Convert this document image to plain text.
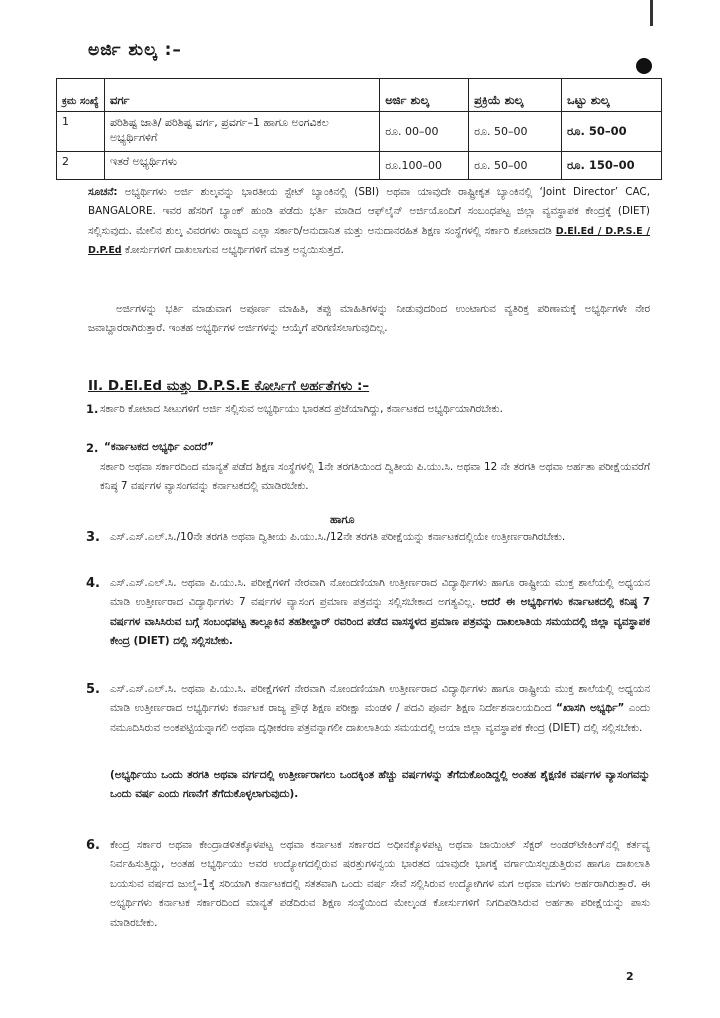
ಅರ್ಜಿ ಶುಲ್ಕ :–
ಕ್ರಮ ಸಂಖ್ಯೆ	ವರ್ಗ	ಅರ್ಜಿ ಶುಲ್ಕ	ಪ್ರಕ್ರಿಯೆ ಶುಲ್ಕ	ಒಟ್ಟು ಶುಲ್ಕ
1	ಪರಿಶಿಷ್ಟ ಜಾತಿ/ ಪರಿಶಿಷ್ಟ ವರ್ಗ, ಪ್ರವರ್ಗ–1 ಹಾಗೂ ಅಂಗವಿಕಲ ಅಭ್ಯರ್ಥಿಗಳಿಗೆ	ರೂ. 00–00	ರೂ. 50–00	ರೂ. 50–00
2	ಇತರೆ ಅಭ್ಯರ್ಥಿಗಳು	ರೂ.100–00	ರೂ. 50–00	ರೂ. 150–00
ಸೂಚನೆ: ಅಭ್ಯರ್ಥಿಗಳು ಅರ್ಜಿ ಶುಲ್ಕವನ್ನು ಭಾರತೀಯ ಸ್ಟೇಟ್ ಬ್ಯಾಂಕಿನಲ್ಲಿ (SBI) ಅಥವಾ ಯಾವುದೇ ರಾಷ್ಟ್ರೀಕೃತ ಬ್ಯಾಂಕಿನಲ್ಲಿ ‘Joint Director’ CAC, BANGALORE. ಇವರ ಹೆಸರಿಗೆ ಬ್ಯಾಂಕ್ ಹುಂಡಿ ಪಡೆದು ಭರ್ತಿ ಮಾಡಿದ ಆಫ್‌ಲೈನ್ ಅರ್ಜಿಯೊಂದಿಗೆ ಸಂಬಂಧಪಟ್ಟ ಜಿಲ್ಲಾ ವ್ಯವಸ್ಥಾಪಕ ಕೇಂದ್ರಕ್ಕೆ (DIET) ಸಲ್ಲಿಸುವುದು. ಮೇಲಿನ ಶುಲ್ಕ ವಿವರಗಳು ರಾಜ್ಯದ ಎಲ್ಲಾ ಸರ್ಕಾರಿ/ಅನುದಾನಿತ ಮತ್ತು ಅನುದಾನರಹಿತ ಶಿಕ್ಷಣ ಸಂಸ್ಥೆಗಳಲ್ಲಿ ಸರ್ಕಾರಿ ಕೋಟಾದಡಿ D.El.Ed / D.P.S.E / D.P.Ed ಕೋರ್ಸುಗಳಿಗೆ ದಾಖಲಾಗುವ ಅಭ್ಯರ್ಥಿಗಳಿಗೆ ಮಾತ್ರ ಅನ್ವಯಿಸುತ್ತದೆ.
ಅರ್ಜಿಗಳನ್ನು ಭರ್ತಿ ಮಾಡುವಾಗ ಅಪೂರ್ಣ ಮಾಹಿತಿ, ತಪ್ಪು ಮಾಹಿತಿಗಳನ್ನು ನೀಡುವುದರಿಂದ ಉಂಟಾಗುವ ವ್ಯತಿರಿಕ್ತ ಪರಿಣಾಮಕ್ಕೆ ಅಭ್ಯರ್ಥಿಗಳೇ ನೇರ ಜವಾಬ್ದಾರರಾಗಿರುತ್ತಾರೆ. ಇಂತಹ ಅಭ್ಯರ್ಥಿಗಳ ಅರ್ಜಿಗಳನ್ನು ಆಯ್ಕೆಗೆ ಪರಿಗಣಿಸಲಾಗುವುದಿಲ್ಲ.
II. D.El.Ed ಮತ್ತು D.P.S.E ಕೋರ್ಸಿಗೆ ಅರ್ಹತೆಗಳು :–
1. ಸರ್ಕಾರಿ ಕೋಟಾದ ಸೀಟುಗಳಿಗೆ ಅರ್ಜಿ ಸಲ್ಲಿಸುವ ಅಭ್ಯರ್ಥಿಯು ಭಾರತದ ಪ್ರಜೆಯಾಗಿದ್ದು, ಕರ್ನಾಟಕದ ಅಭ್ಯರ್ಥಿಯಾಗಿರಬೇಕು.
2. “ಕರ್ನಾಟಕದ ಅಭ್ಯರ್ಥಿ ಎಂದರೆ”
ಸರ್ಕಾರಿ ಅಥವಾ ಸರ್ಕಾರದಿಂದ ಮಾನ್ಯತೆ ಪಡೆದ ಶಿಕ್ಷಣ ಸಂಸ್ಥೆಗಳಲ್ಲಿ 1ನೇ ತರಗತಿಯಿಂದ ದ್ವಿತೀಯ ಪಿ.ಯು.ಸಿ. ಅಥವಾ 12 ನೇ ತರಗತಿ ಅಥವಾ ಅರ್ಹತಾ ಪರೀಕ್ಷೆಯವರೆಗೆ ಕನಿಷ್ಠ 7 ವರ್ಷಗಳ ವ್ಯಾಸಂಗವನ್ನು ಕರ್ನಾಟಕದಲ್ಲಿ ಮಾಡಿರಬೇಕು.
ಹಾಗೂ
3. ಎಸ್.ಎಸ್.ಎಲ್.ಸಿ./10ನೇ ತರಗತಿ ಅಥವಾ ದ್ವಿತೀಯ ಪಿ.ಯು.ಸಿ./12ನೇ ತರಗತಿ ಪರೀಕ್ಷೆಯನ್ನು ಕರ್ನಾಟಕದಲ್ಲಿಯೇ ಉತ್ತೀರ್ಣರಾಗಿರಬೇಕು.
4. ಎಸ್.ಎಸ್.ಎಲ್.ಸಿ. ಅಥವಾ ಪಿ.ಯು.ಸಿ. ಪರೀಕ್ಷೆಗಳಿಗೆ ನೇರವಾಗಿ ನೋಂದಣಿಯಾಗಿ ಉತ್ತೀರ್ಣರಾದ ವಿದ್ಯಾರ್ಥಿಗಳು ಹಾಗೂ ರಾಷ್ಟ್ರೀಯ ಮುಕ್ತ ಶಾಲೆಯಲ್ಲಿ ಅಧ್ಯಯನ ಮಾಡಿ ಉತ್ತೀರ್ಣರಾದ ವಿದ್ಯಾರ್ಥಿಗಳು 7 ವರ್ಷಗಳ ವ್ಯಾಸಂಗ ಪ್ರಮಾಣ ಪತ್ರವನ್ನು ಸಲ್ಲಿಸಬೇಕಾದ ಅಗತ್ಯವಿಲ್ಲ. ಆದರೆ ಈ ಅಭ್ಯರ್ಥಿಗಳು ಕರ್ನಾಟಕದಲ್ಲಿ ಕನಿಷ್ಠ 7 ವರ್ಷಗಳ ವಾಸಿಸಿರುವ ಬಗ್ಗೆ ಸಂಬಂಧಪಟ್ಟ ತಾಲ್ಲೂಕಿನ ತಹಶೀಲ್ದಾರ್ ರವರಿಂದ ಪಡೆದ ವಾಸಸ್ಥಳದ ಪ್ರಮಾಣ ಪತ್ರವನ್ನು ದಾಖಲಾತಿಯ ಸಮಯದಲ್ಲಿ ಜಿಲ್ಲಾ ವ್ಯವಸ್ಥಾಪಕ ಕೇಂದ್ರ (DIET) ದಲ್ಲಿ ಸಲ್ಲಿಸಬೇಕು.
5. ಎಸ್.ಎಸ್.ಎಲ್.ಸಿ. ಅಥವಾ ಪಿ.ಯು.ಸಿ. ಪರೀಕ್ಷೆಗಳಿಗೆ ನೇರವಾಗಿ ನೋಂದಣಿಯಾಗಿ ಉತ್ತೀರ್ಣರಾದ ವಿದ್ಯಾರ್ಥಿಗಳು ಹಾಗೂ ರಾಷ್ಟ್ರೀಯ ಮುಕ್ತ ಶಾಲೆಯಲ್ಲಿ ಅಧ್ಯಯನ ಮಾಡಿ ಉತ್ತೀರ್ಣರಾದ ಅಭ್ಯರ್ಥಿಗಳು ಕರ್ನಾಟಕ ರಾಜ್ಯ ಪ್ರೌಢ ಶಿಕ್ಷಣ ಪರೀಕ್ಷಾ ಮಂಡಳಿ / ಪದವಿ ಪೂರ್ವ ಶಿಕ್ಷಣ ನಿರ್ದೇಶನಾಲಯದಿಂದ “ಖಾಸಗಿ ಅಭ್ಯರ್ಥಿ” ಎಂದು ನಮೂದಿಸಿರುವ ಅಂಕಪಟ್ಟಿಯನ್ನಾಗಲಿ ಅಥವಾ ದೃಢೀಕರಣ ಪತ್ರವನ್ನಾಗಲೀ ದಾಖಲಾತಿಯ ಸಮಯದಲ್ಲಿ ಅಯಾ ಜಿಲ್ಲಾ ವ್ಯವಸ್ಥಾಪಕ ಕೇಂದ್ರ (DIET) ದಲ್ಲಿ ಸಲ್ಲಿಸಬೇಕು.
(ಅಭ್ಯರ್ಥಿಯು ಒಂದು ತರಗತಿ ಅಥವಾ ವರ್ಗದಲ್ಲಿ ಉತ್ತೀರ್ಣರಾಗಲು ಒಂದಕ್ಕಿಂತ ಹೆಚ್ಚು ವರ್ಷಗಳನ್ನು ತೆಗೆದುಕೊಂಡಿದ್ದಲ್ಲಿ ಅಂತಹ ಶೈಕ್ಷಣಿಕ ವರ್ಷಗಳ ವ್ಯಾಸಂಗವನ್ನು ಒಂದು ವರ್ಷ ಎಂದು ಗಣನೆಗೆ ತೆಗೆದುಕೊಳ್ಳಲಾಗುವುದು).
6. ಕೇಂದ್ರ ಸರ್ಕಾರ ಅಥವಾ ಕೇಂದ್ರಾಡಳಿತಕ್ಕೊಳಪಟ್ಟ ಅಥವಾ ಕರ್ನಾಟಕ ಸರ್ಕಾರದ ಅಧೀನಕ್ಕೊಳಪಟ್ಟ ಅಥವಾ ಜಾಯಿಂಟ್ ಸೆಕ್ಟರ್ ಅಂಡರ್‌ಟೇಕಿಂಗ್‌ನಲ್ಲಿ ಕರ್ತವ್ಯ ನಿರ್ವಹಿಸುತ್ತಿದ್ದು, ಅಂತಹ ಅಭ್ಯರ್ಥಿಯು ಅವರ ಉದ್ಯೋಗದಲ್ಲಿರುವ ಷರತ್ತುಗಳನ್ವಯ ಭಾರತದ ಯಾವುದೇ ಭಾಗಕ್ಕೆ ವರ್ಗಾಯಿಸಲ್ಪಡುತ್ತಿರುವ ಹಾಗೂ ದಾಖಲಾತಿ ಬಯಸುವ ವರ್ಷದ ಜುಲೈ–1ಕ್ಕೆ ಸರಿಯಾಗಿ ಕರ್ನಾಟಕದಲ್ಲಿ ಸತತವಾಗಿ ಒಂದು ವರ್ಷ ಸೇವೆ ಸಲ್ಲಿಸಿರುವ ಉದ್ಯೋಗಿಗಳ ಮಗ ಅಥವಾ ಮಗಳು ಅರ್ಹರಾಗಿರುತ್ತಾರೆ. ಈ ಅಭ್ಯರ್ಥಿಗಳು ಕರ್ನಾಟಕ ಸರ್ಕಾರದಿಂದ ಮಾನ್ಯತೆ ಪಡೆದಿರುವ ಶಿಕ್ಷಣ ಸಂಸ್ಥೆಯಿಂದ ಮೇಲ್ಕಂಡ ಕೋರ್ಸುಗಳಿಗೆ ನಿಗದಿಪಡಿಸಿರುವ ಅರ್ಹತಾ ಪರೀಕ್ಷೆಯನ್ನು ಪಾಸು ಮಾಡಿರಬೇಕು.
2
